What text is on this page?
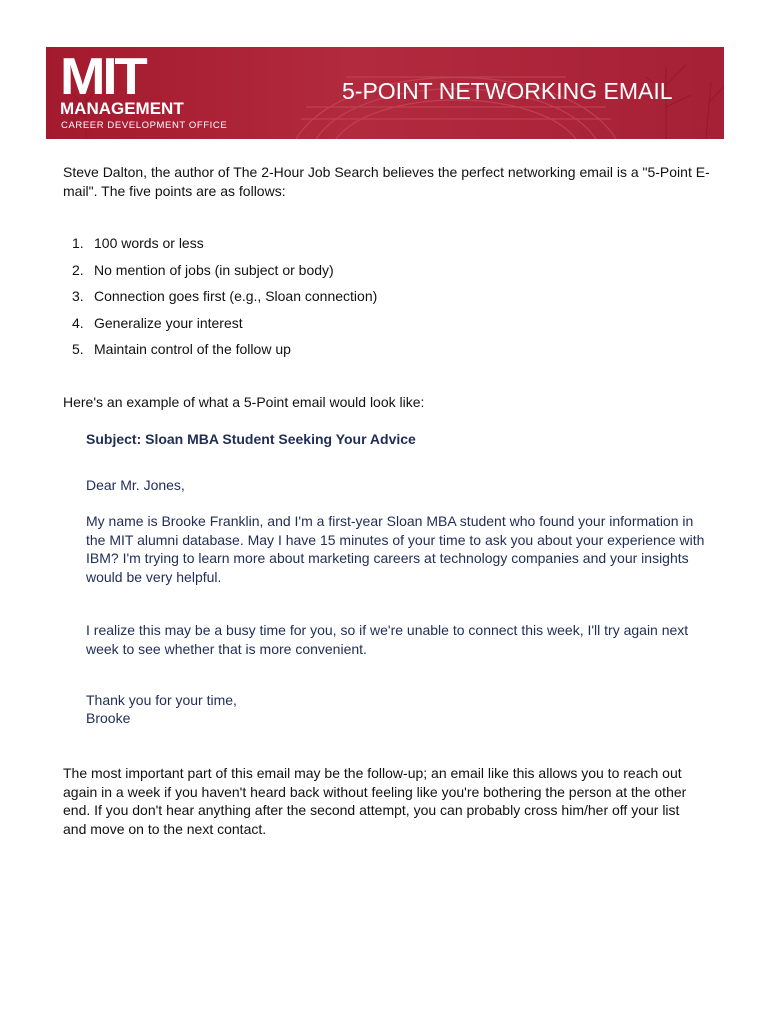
MIT
MANAGEMENT
CAREER DEVELOPMENT OFFICE
5-POINT NETWORKING EMAIL
Steve Dalton, the author of The 2-Hour Job Search believes the perfect networking email is a "5-Point E-mail". The five points are as follows:
1. 100 words or less
2. No mention of jobs (in subject or body)
3. Connection goes first (e.g., Sloan connection)
4. Generalize your interest
5. Maintain control of the follow up
Here's an example of what a 5-Point email would look like:
Subject: Sloan MBA Student Seeking Your Advice
Dear Mr. Jones,
My name is Brooke Franklin, and I'm a first-year Sloan MBA student who found your information in the MIT alumni database. May I have 15 minutes of your time to ask you about your experience with IBM? I'm trying to learn more about marketing careers at technology companies and your insights would be very helpful.
I realize this may be a busy time for you, so if we're unable to connect this week, I'll try again next week to see whether that is more convenient.
Thank you for your time,
Brooke
The most important part of this email may be the follow-up; an email like this allows you to reach out again in a week if you haven't heard back without feeling like you're bothering the person at the other end. If you don't hear anything after the second attempt, you can probably cross him/her off your list and move on to the next contact.
